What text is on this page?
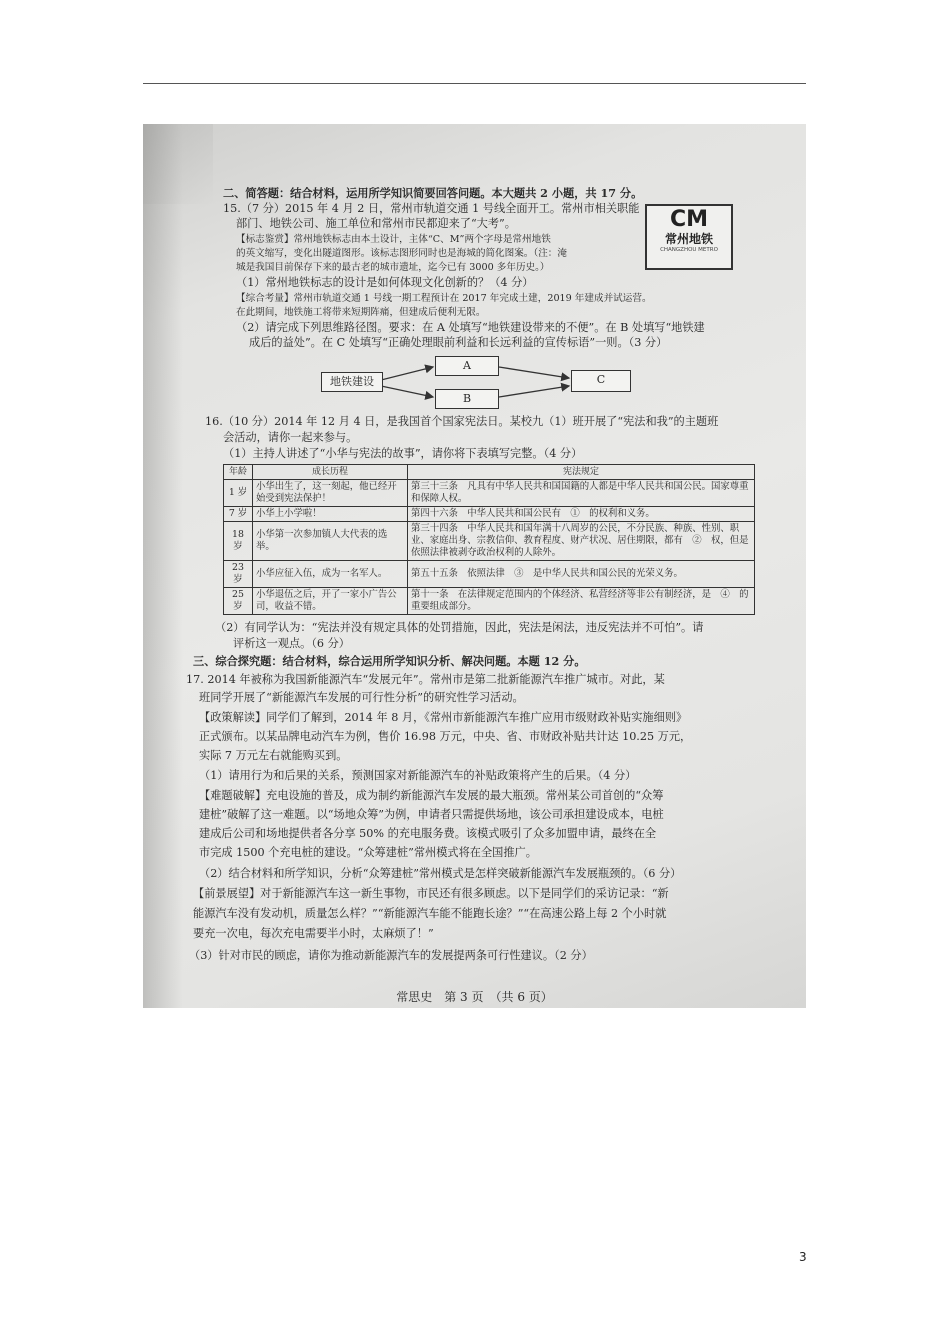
二、简答题：结合材料，运用所学知识简要回答问题。本大题共 2 小题，共 17 分。
15.（7 分）2015 年 4 月 2 日，常州市轨道交通 1 号线全面开工。常州市相关职能
部门、地铁公司、施工单位和常州市民都迎来了“大考”。
【标志鉴赏】常州地铁标志由本土设计，主体“C、M”两个字母是常州地铁
的英文缩写，变化出隧道图形。该标志图形同时也是海城的简化图案。（注：淹
城是我国目前保存下来的最古老的城市遗址，迄今已有 3000 多年历史。）
CM
常州地铁
CHANGZHOU METRO
（1）常州地铁标志的设计是如何体现文化创新的？（4 分）
【综合考量】常州市轨道交通 1 号线一期工程预计在 2017 年完成土建，2019 年建成并试运营。
在此期间，地铁施工将带来短期阵痛，但建成后便利无限。
（2）请完成下列思维路径图。要求：在 A 处填写“地铁建设带来的不便”。在 B 处填写“地铁建
成后的益处”。在 C 处填写“正确处理眼前利益和长远利益的宣传标语”一则。（3 分）
地铁建设
A
B
C
16.（10 分）2014 年 12 月 4 日，是我国首个国家宪法日。某校九（1）班开展了“宪法和我”的主题班
会活动，请你一起来参与。
（1）主持人讲述了“小华与宪法的故事”，请你将下表填写完整。（4 分）
年龄	成长历程	宪法规定
1 岁	小华出生了，这一刻起，他已经开始受到宪法保护！	第三十三条　凡具有中华人民共和国国籍的人都是中华人民共和国公民。国家尊重和保障人权。
7 岁	小华上小学啦！	第四十六条　中华人民共和国公民有　①　的权利和义务。
18 岁	小华第一次参加镇人大代表的选举。	第三十四条　中华人民共和国年满十八周岁的公民，不分民族、种族、性别、职业、家庭出身、宗教信仰、教育程度、财产状况、居住期限，都有　②　权，但是依照法律被剥夺政治权利的人除外。
23 岁	小华应征入伍，成为一名军人。	第五十五条　依照法律　③　是中华人民共和国公民的光荣义务。
25 岁	小华退伍之后，开了一家小广告公司，收益不错。	第十一条　在法律规定范围内的个体经济、私营经济等非公有制经济，是　④　的重要组成部分。
（2）有同学认为：“宪法并没有规定具体的处罚措施，因此，宪法是闲法，违反宪法并不可怕”。请
评析这一观点。（6 分）
三、综合探究题：结合材料，综合运用所学知识分析、解决问题。本题 12 分。
17. 2014 年被称为我国新能源汽车“发展元年”。常州市是第二批新能源汽车推广城市。对此，某
班同学开展了“新能源汽车发展的可行性分析”的研究性学习活动。
【政策解读】同学们了解到，2014 年 8 月，《常州市新能源汽车推广应用市级财政补贴实施细则》
正式颁布。以某品牌电动汽车为例，售价 16.98 万元，中央、省、市财政补贴共计达 10.25 万元，
实际 7 万元左右就能购买到。
（1）请用行为和后果的关系，预测国家对新能源汽车的补贴政策将产生的后果。（4 分）
【难题破解】充电设施的普及，成为制约新能源汽车发展的最大瓶颈。常州某公司首创的“众筹
建桩”破解了这一难题。以“场地众筹”为例，申请者只需提供场地，该公司承担建设成本，电桩
建成后公司和场地提供者各分享 50% 的充电服务费。该模式吸引了众多加盟申请，最终在全
市完成 1500 个充电桩的建设。“众筹建桩”常州模式将在全国推广。
（2）结合材料和所学知识，分析“众筹建桩”常州模式是怎样突破新能源汽车发展瓶颈的。（6 分）
【前景展望】对于新能源汽车这一新生事物，市民还有很多顾虑。以下是同学们的采访记录：“新
能源汽车没有发动机，质量怎么样？”“新能源汽车能不能跑长途？”“在高速公路上每 2 个小时就
要充一次电，每次充电需要半小时，太麻烦了！”
（3）针对市民的顾虑，请你为推动新能源汽车的发展提两条可行性建议。（2 分）
常思史　第 3 页　（共 6 页）
3
